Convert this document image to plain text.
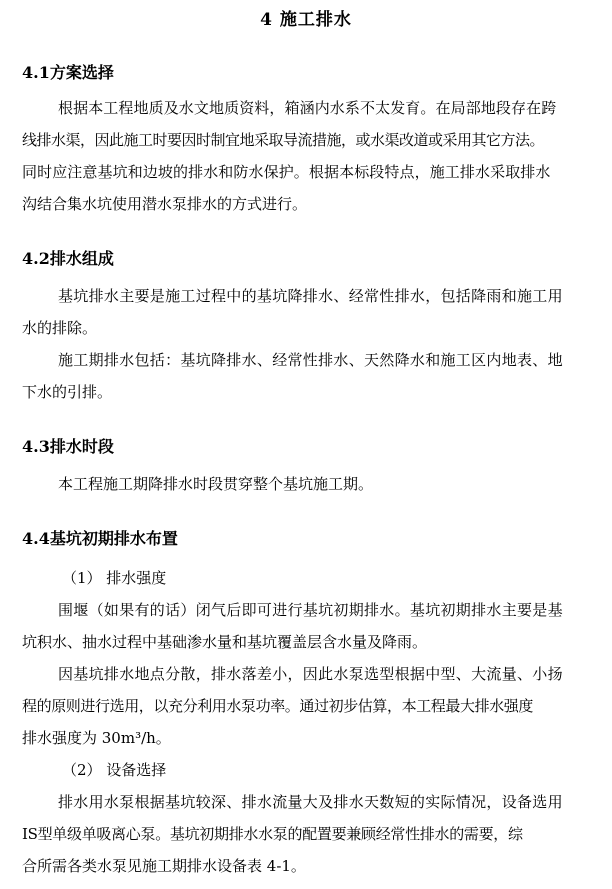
4 施工排水
4.1方案选择
根据本工程地质及水文地质资料，箱涵内水系不太发育。在局部地段存在跨
线排水渠，因此施工时要因时制宜地采取导流措施，或水渠改道或采用其它方法。
同时应注意基坑和边坡的排水和防水保护。根据本标段特点，施工排水采取排水
沟结合集水坑使用潜水泵排水的方式进行。
4.2排水组成
基坑排水主要是施工过程中的基坑降排水、经常性排水，包括降雨和施工用
水的排除。
施工期排水包括：基坑降排水、经常性排水、天然降水和施工区内地表、地
下水的引排。
4.3排水时段
本工程施工期降排水时段贯穿整个基坑施工期。
4.4基坑初期排水布置
（1） 排水强度
围堰（如果有的话）闭气后即可进行基坑初期排水。基坑初期排水主要是基
坑积水、抽水过程中基础渗水量和基坑覆盖层含水量及降雨。
因基坑排水地点分散，排水落差小，因此水泵选型根据中型、大流量、小扬
程的原则进行选用，以充分利用水泵功率。通过初步估算，本工程最大排水强度
排水强度为 30m³/h。
（2） 设备选择
排水用水泵根据基坑较深、排水流量大及排水天数短的实际情况，设备选用
IS型单级单吸离心泵。基坑初期排水水泵的配置要兼顾经常性排水的需要，综
合所需各类水泵见施工期排水设备表 4-1。
